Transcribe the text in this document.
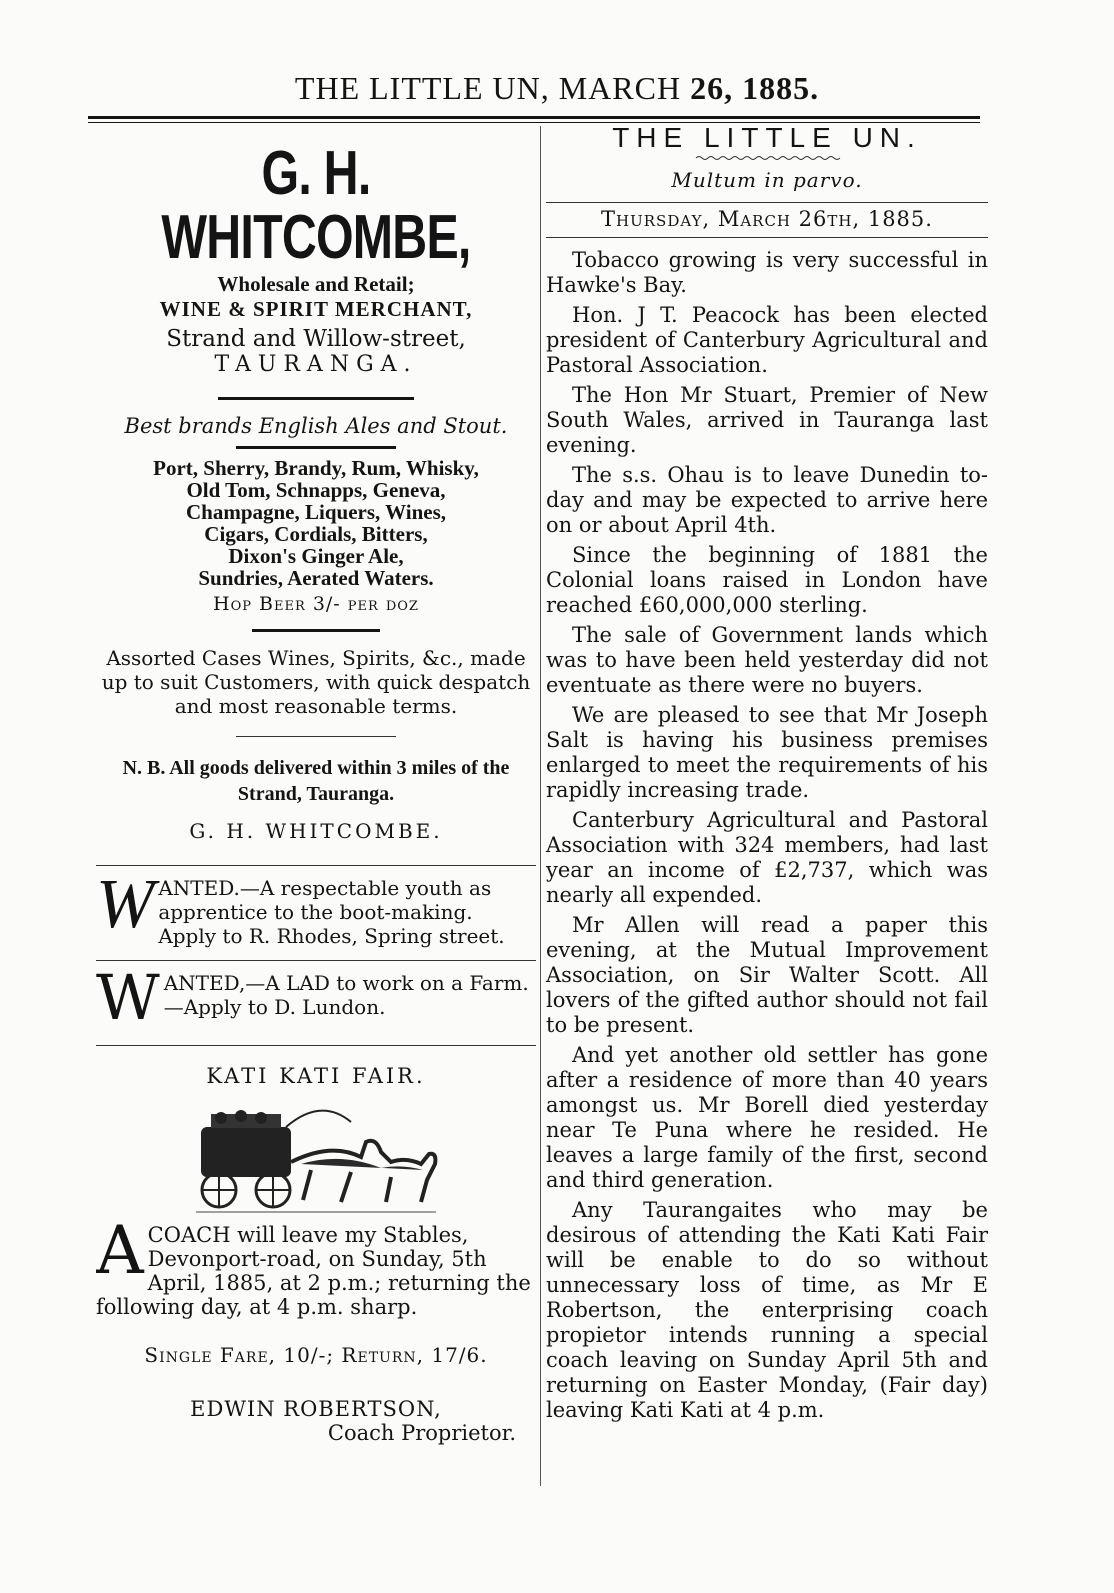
THE LITTLE UN, MARCH 26, 1885.
G. H. WHITCOMBE,
Wholesale and Retail;
WINE & SPIRIT MERCHANT,
Strand and Willow-street,
TAURANGA.
Best brands English Ales and Stout.
Port, Sherry, Brandy, Rum, Whisky,
Old Tom, Schnapps, Geneva,
Champagne, Liquers, Wines,
Cigars, Cordials, Bitters,
Dixon's Ginger Ale,
Sundries, Aerated Waters.
Hop Beer 3/- per doz
Assorted Cases Wines, Spirits, &c., made up to suit Customers, with quick despatch and most reasonable terms.
N. B. All goods delivered within 3 miles of the Strand, Tauranga.
G. H. WHITCOMBE.
W ANTED.—A respectable youth as apprentice to the boot-making. Apply to R. Rhodes, Spring street.
W ANTED,—A LAD to work on a Farm.—Apply to D. Lundon.
KATI KATI FAIR.
A COACH will leave my Stables, Devonport-road, on Sunday, 5th April, 1885, at 2 p.m.; returning the following day, at 4 p.m. sharp.
Single Fare, 10/-; Return, 17/6.
EDWIN ROBERTSON,
Coach Proprietor.
THE LITTLE UN.
Multum in parvo.
Thursday, March 26th, 1885.

Tobacco growing is very successful in Hawke's Bay.

Hon. J T. Peacock has been elected president of Canterbury Agricultural and Pastoral Association.

The Hon Mr Stuart, Premier of New South Wales, arrived in Tauranga last evening.

The s.s. Ohau is to leave Dunedin to-day and may be expected to arrive here on or about April 4th.

Since the beginning of 1881 the Colonial loans raised in London have reached £60,000,000 sterling.

The sale of Government lands which was to have been held yesterday did not eventuate as there were no buyers.

We are pleased to see that Mr Joseph Salt is having his business premises enlarged to meet the requirements of his rapidly increasing trade.

Canterbury Agricultural and Pastoral Association with 324 members, had last year an income of £2,737, which was nearly all expended.

Mr Allen will read a paper this evening, at the Mutual Improvement Association, on Sir Walter Scott. All lovers of the gifted author should not fail to be present.

And yet another old settler has gone after a residence of more than 40 years amongst us. Mr Borell died yesterday near Te Puna where he resided. He leaves a large family of the first, second and third generation.

Any Taurangaites who may be desirous of attending the Kati Kati Fair will be enable to do so without unnecessary loss of time, as Mr E Robertson, the enterprising coach propietor intends running a special coach leaving on Sunday April 5th and returning on Easter Monday, (Fair day) leaving Kati Kati at 4 p.m.
